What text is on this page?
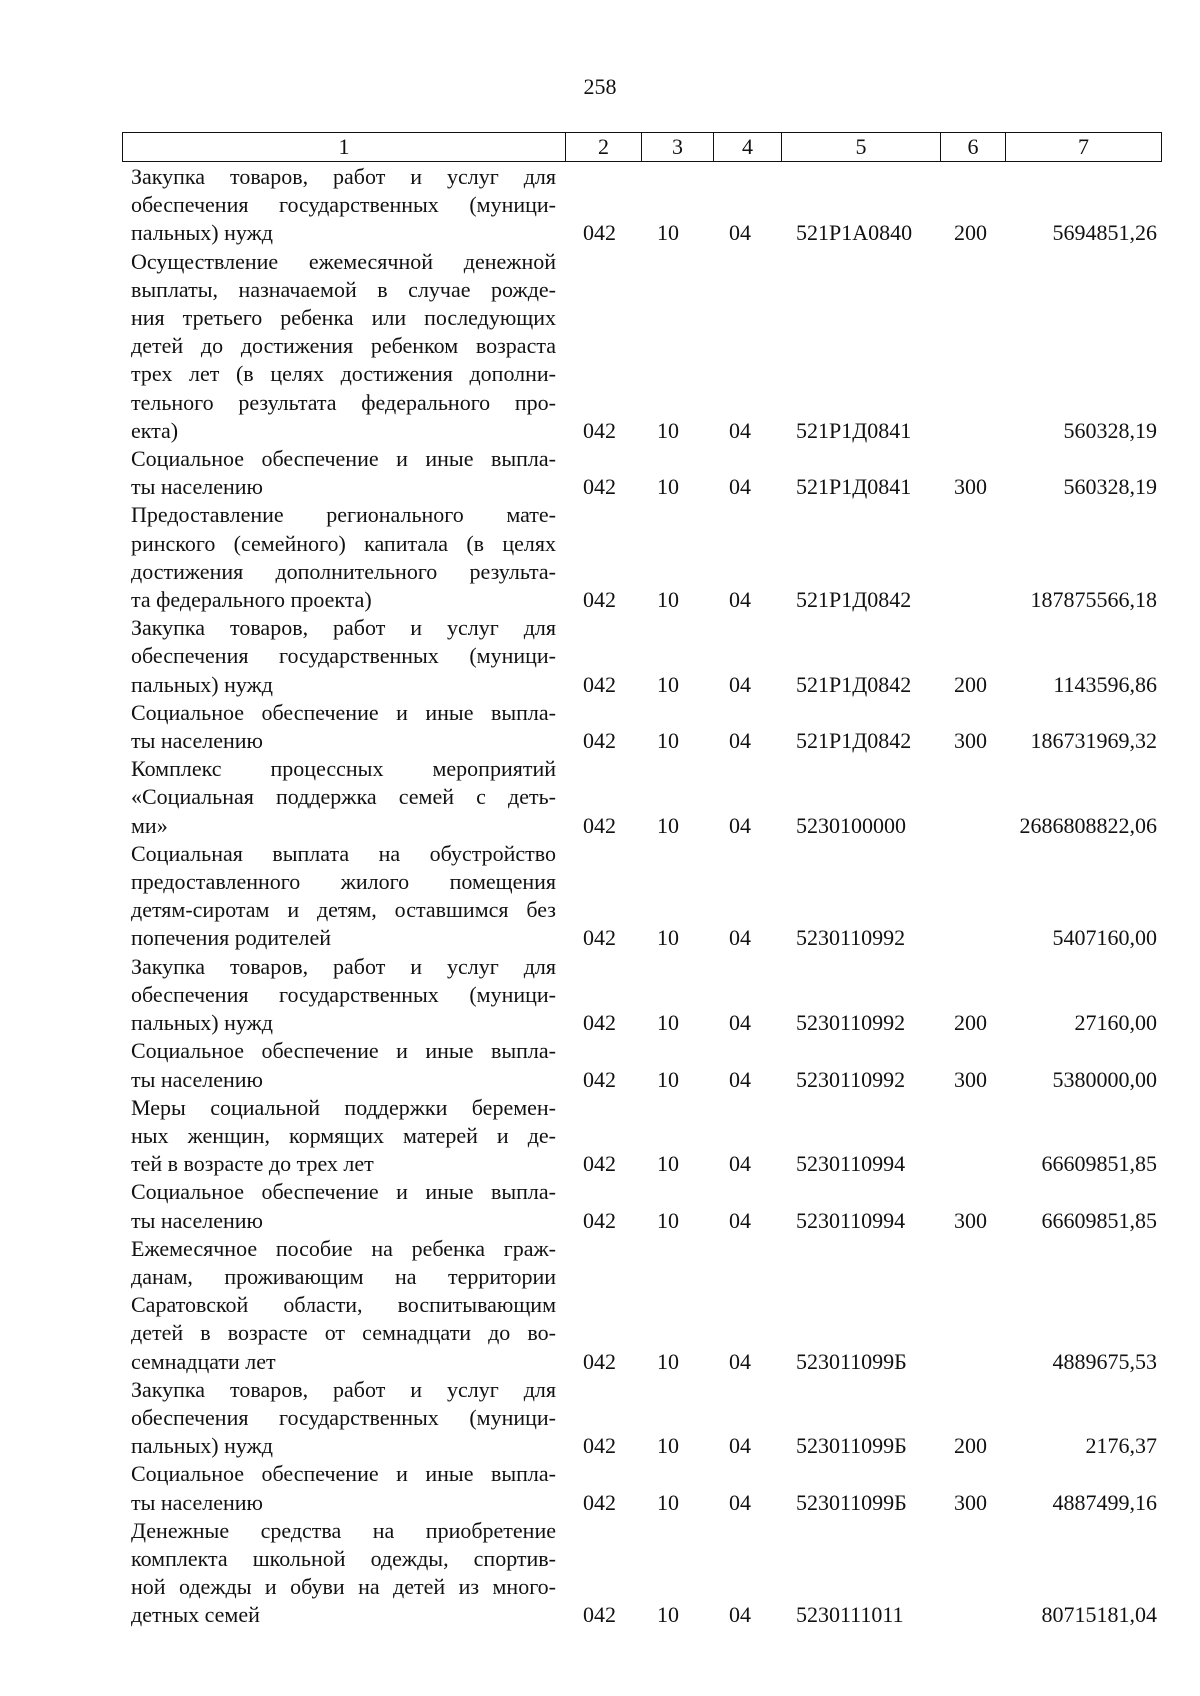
258
1	2	3	4	5	6	7
Закупка товаров, работ и услуг для
обеспечения государственных (муници-
пальных) нужд	042 10 04 521P1A0840 200	5694851,26
Осуществление ежемесячной денежной
выплаты, назначаемой в случае рожде-
ния третьего ребенка или последующих
детей до достижения ребенком возраста
трех лет (в целях достижения дополни-
тельного результата федерального про-
екта)	042 10 04 521P1Д0841	560328,19
Социальное обеспечение и иные выпла-
ты населению	042 10 04 521P1Д0841 300	560328,19
Предоставление регионального мате-
ринского (семейного) капитала (в целях
достижения дополнительного результа-
та федерального проекта)	042 10 04 521P1Д0842	187875566,18
Закупка товаров, работ и услуг для
обеспечения государственных (муници-
пальных) нужд	042 10 04 521P1Д0842 200	1143596,86
Социальное обеспечение и иные выпла-
ты населению	042 10 04 521P1Д0842 300 186731969,32
Комплекс процессных мероприятий
«Социальная поддержка семей с деть-
ми»	042 10 04 5230100000	2686808822,06
Социальная выплата на обустройство
предоставленного жилого помещения
детям-сиротам и детям, оставшимся без
попечения родителей	042 10 04 5230110992	5407160,00
Закупка товаров, работ и услуг для
обеспечения государственных (муници-
пальных) нужд	042 10 04 5230110992 200	27160,00
Социальное обеспечение и иные выпла-
ты населению	042 10 04 5230110992 300	5380000,00
Меры социальной поддержки беремен-
ных женщин, кормящих матерей и де-
тей в возрасте до трех лет	042 10 04 5230110994	66609851,85
Социальное обеспечение и иные выпла-
ты населению	042 10 04 5230110994 300 66609851,85
Ежемесячное пособие на ребенка граж-
данам, проживающим на территории
Саратовской области, воспитывающим
детей в возрасте от семнадцати до во-
семнадцати лет	042 10 04 523011099Б	4889675,53
Закупка товаров, работ и услуг для
обеспечения государственных (муници-
пальных) нужд	042 10 04 523011099Б 200	2176,37
Социальное обеспечение и иные выпла-
ты населению	042 10 04 523011099Б 300	4887499,16
Денежные средства на приобретение
комплекта школьной одежды, спортив-
ной одежды и обуви на детей из много-
детных семей	042 10 04 5230111011	80715181,04
